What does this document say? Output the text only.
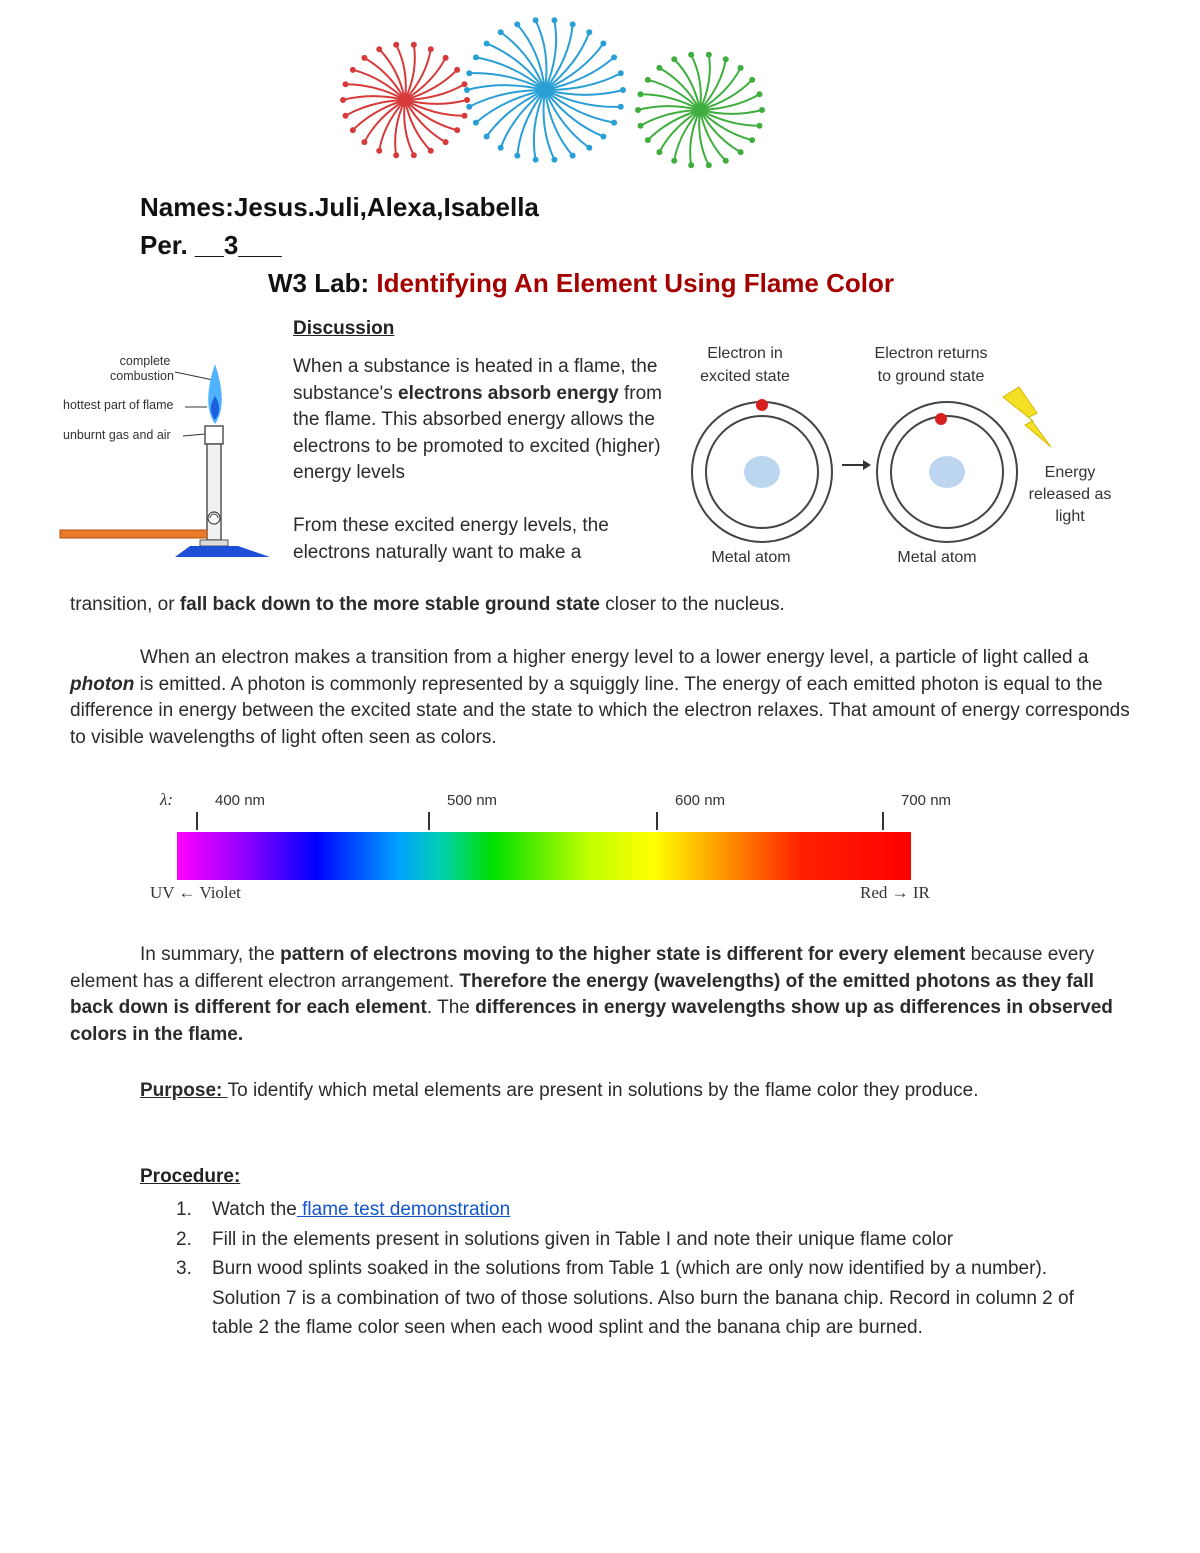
Names:Jesus.Juli,Alexa,Isabella
Per. __3___
W3 Lab: Identifying An Element Using Flame Color
complete
combustion
hottest part of flame
unburnt gas and air
Discussion
When a substance is heated in a flame, the substance's electrons absorb energy from the flame. This absorbed energy allows the electrons to be promoted to excited (higher) energy levels
From these excited energy levels, the electrons naturally want to make a
transition, or fall back down to the more stable ground state closer to the nucleus.
Electron in
excited state
Electron returns
to ground state
Metal atom	Metal atom
Energy
released as
light
When an electron makes a transition from a higher energy level to a lower energy level, a particle of light called a photon is emitted. A photon is commonly represented by a squiggly line. The energy of each emitted photon is equal to the difference in energy between the excited state and the state to which the electron relaxes. That amount of energy corresponds to visible wavelengths of light often seen as colors.
λ:	400 nm	500 nm	600 nm	700 nm
UV ← Violet	Red → IR
In summary, the pattern of electrons moving to the higher state is different for every element because every element has a different electron arrangement. Therefore the energy (wavelengths) of the emitted photons as they fall back down is different for each element. The differences in energy wavelengths show up as differences in observed colors in the flame.
Purpose: To identify which metal elements are present in solutions by the flame color they produce.
Procedure:
1. Watch the flame test demonstration
2. Fill in the elements present in solutions given in Table I and note their unique flame color
3. Burn wood splints soaked in the solutions from Table 1 (which are only now identified by a number). Solution 7 is a combination of two of those solutions. Also burn the banana chip. Record in column 2 of table 2 the flame color seen when each wood splint and the banana chip are burned.
